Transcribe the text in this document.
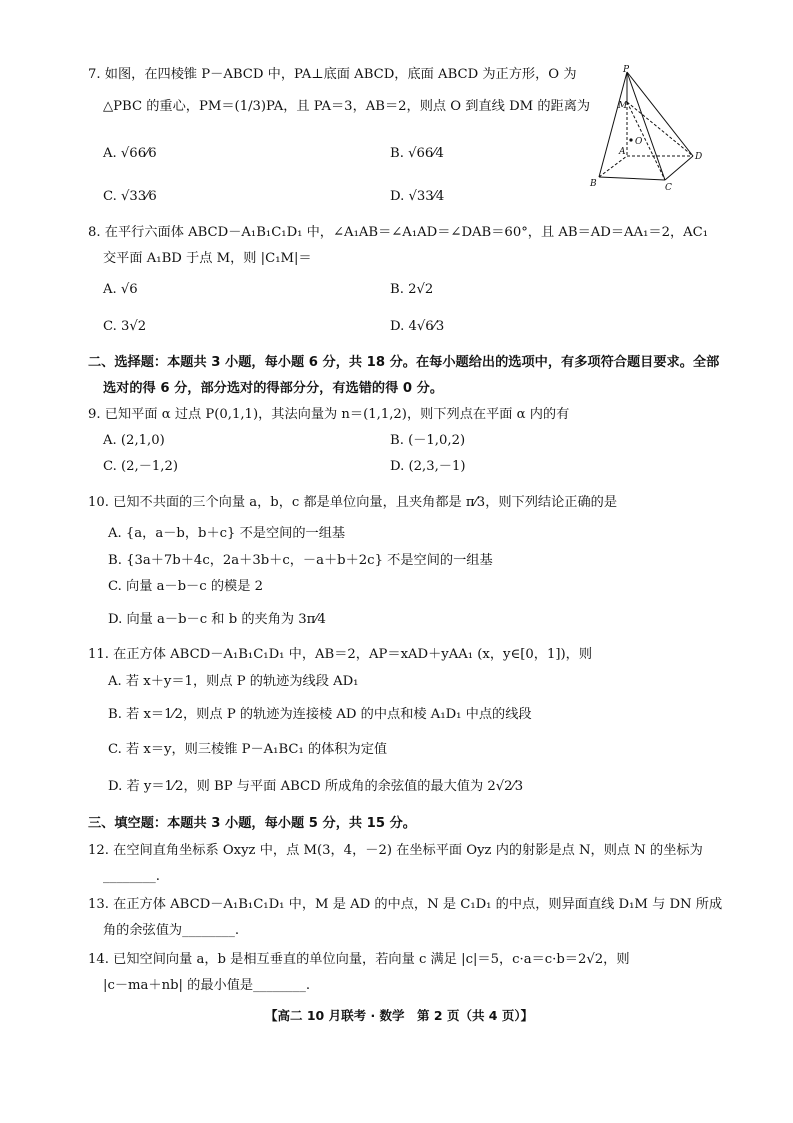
7. 如图，在四棱锥 P－ABCD 中，PA⊥底面 ABCD，底面 ABCD 为正方形，O 为
△PBC 的重心，PM＝(1/3)PA，且 PA＝3，AB＝2，则点 O 到直线 DM 的距离为
A. √66⁄6	B. √66⁄4
C. √33⁄6	D. √33⁄4
P
M
O
A	D
B	C
8. 在平行六面体 ABCD－A₁B₁C₁D₁ 中，∠A₁AB＝∠A₁AD＝∠DAB＝60°，且 AB＝AD＝AA₁＝2，AC₁
交平面 A₁BD 于点 M，则 |C₁M|＝
A. √6	B. 2√2
C. 3√2	D. 4√6⁄3
二、选择题：本题共 3 小题，每小题 6 分，共 18 分。在每小题给出的选项中，有多项符合题目要求。全部
选对的得 6 分，部分选对的得部分分，有选错的得 0 分。
9. 已知平面 α 过点 P(0,1,1)，其法向量为 n＝(1,1,2)，则下列点在平面 α 内的有
A. (2,1,0)	B. (－1,0,2)
C. (2,－1,2)	D. (2,3,－1)
10. 已知不共面的三个向量 a，b，c 都是单位向量，且夹角都是 π⁄3，则下列结论正确的是
A. {a，a－b，b＋c} 不是空间的一组基
B. {3a＋7b＋4c，2a＋3b＋c，－a＋b＋2c} 不是空间的一组基
C. 向量 a－b－c 的模是 2
D. 向量 a－b－c 和 b 的夹角为 3π⁄4
11. 在正方体 ABCD－A₁B₁C₁D₁ 中，AB＝2，AP＝xAD＋yAA₁ (x，y∈[0，1])，则
A. 若 x＋y＝1，则点 P 的轨迹为线段 AD₁
B. 若 x＝1⁄2，则点 P 的轨迹为连接棱 AD 的中点和棱 A₁D₁ 中点的线段
C. 若 x＝y，则三棱锥 P－A₁BC₁ 的体积为定值
D. 若 y＝1⁄2，则 BP 与平面 ABCD 所成角的余弦值的最大值为 2√2⁄3
三、填空题：本题共 3 小题，每小题 5 分，共 15 分。
12. 在空间直角坐标系 Oxyz 中，点 M(3，4，－2) 在坐标平面 Oyz 内的射影是点 N，则点 N 的坐标为
________.
13. 在正方体 ABCD－A₁B₁C₁D₁ 中，M 是 AD 的中点，N 是 C₁D₁ 的中点，则异面直线 D₁M 与 DN 所成
角的余弦值为________.
14. 已知空间向量 a，b 是相互垂直的单位向量，若向量 c 满足 |c|＝5，c·a＝c·b＝2√2，则
|c－ma＋nb| 的最小值是________.
【高二 10 月联考 · 数学　第 2 页（共 4 页）】
